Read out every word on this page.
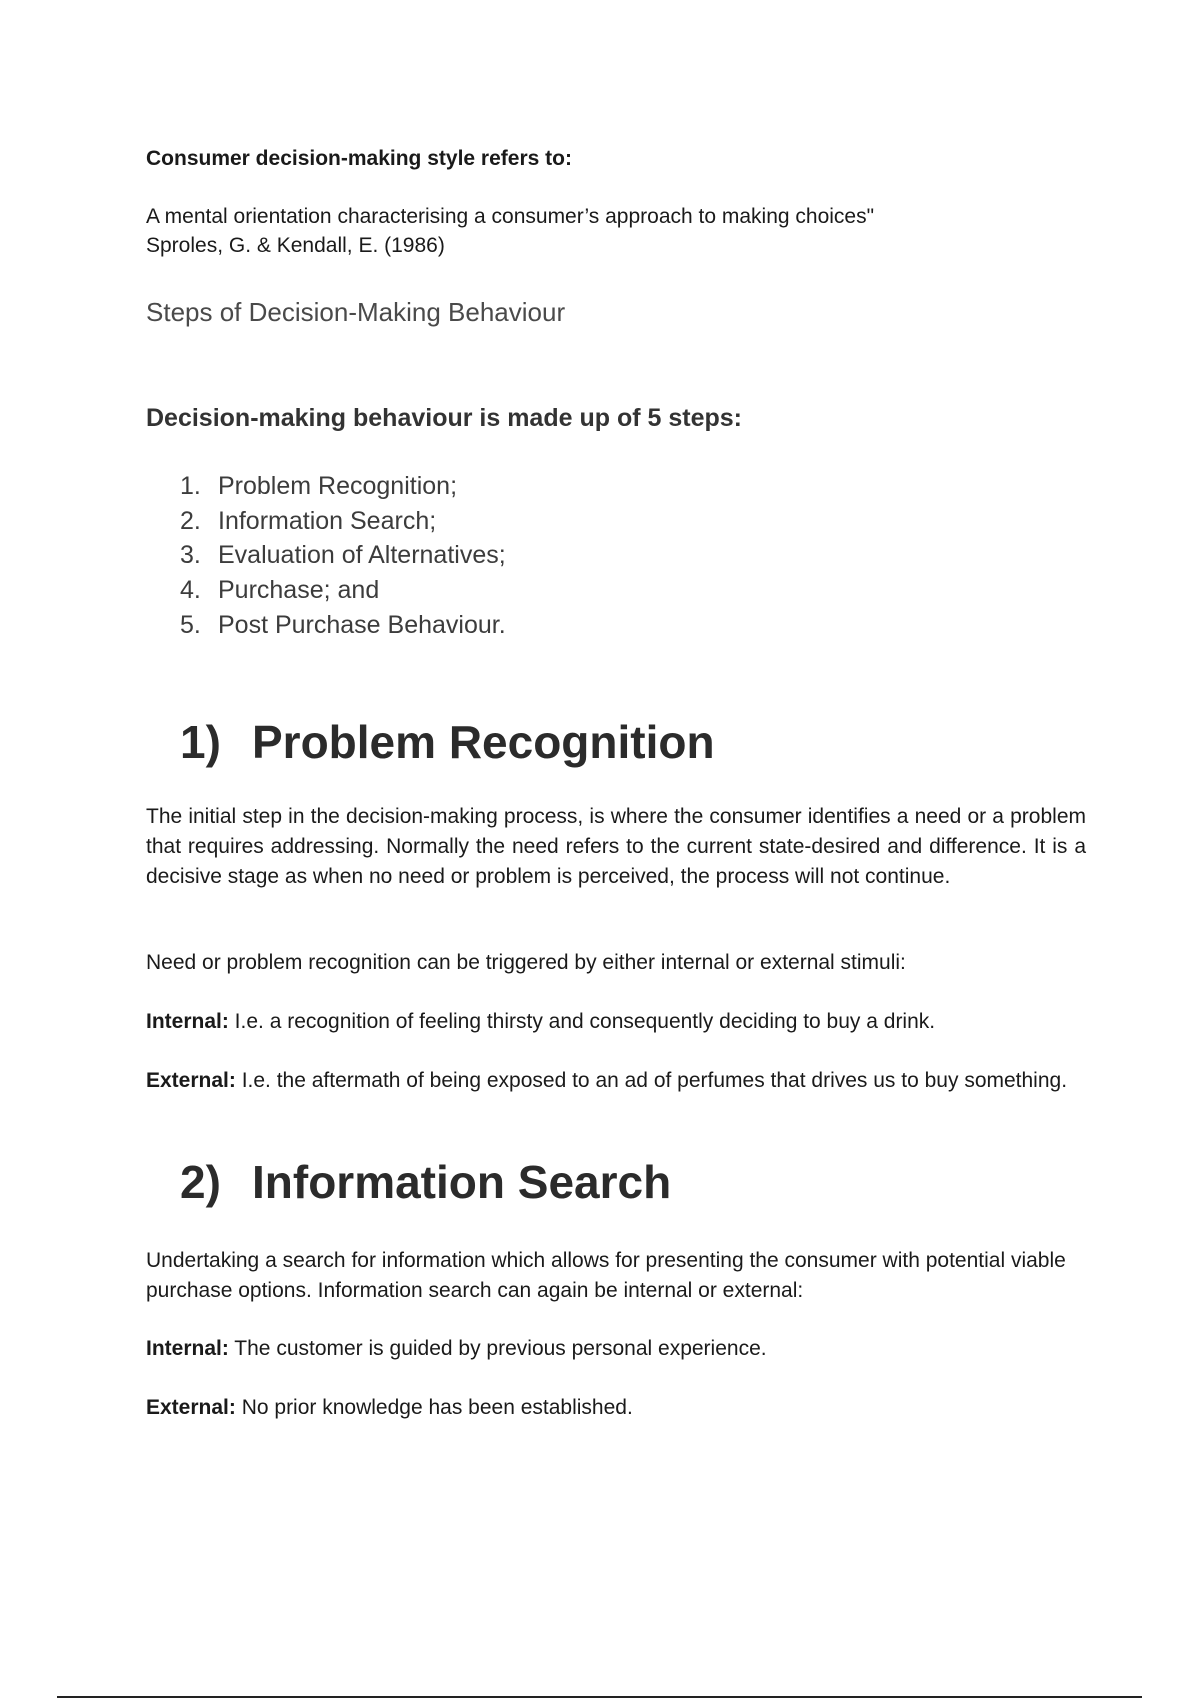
Consumer decision-making style refers to:

A mental orientation characterising a consumer’s approach to making choices"

Sproles, G. & Kendall, E. (1986)

Steps of Decision-Making Behaviour
Decision-making behaviour is made up of 5 steps:
1. Problem Recognition;
2. Information Search;
3. Evaluation of Alternatives;
4. Purchase; and
5. Post Purchase Behaviour.
1) Problem Recognition

The initial step in the decision-making process, is where the consumer identifies a need or a problem that requires addressing. Normally the need refers to the current state-desired and difference. It is a decisive stage as when no need or problem is perceived, the process will not continue.

Need or problem recognition can be triggered by either internal or external stimuli:

Internal: I.e. a recognition of feeling thirsty and consequently deciding to buy a drink.

External: I.e. the aftermath of being exposed to an ad of perfumes that drives us to buy something.

2) Information Search

Undertaking a search for information which allows for presenting the consumer with potential viable purchase options. Information search can again be internal or external:

Internal: The customer is guided by previous personal experience.

External: No prior knowledge has been established.
